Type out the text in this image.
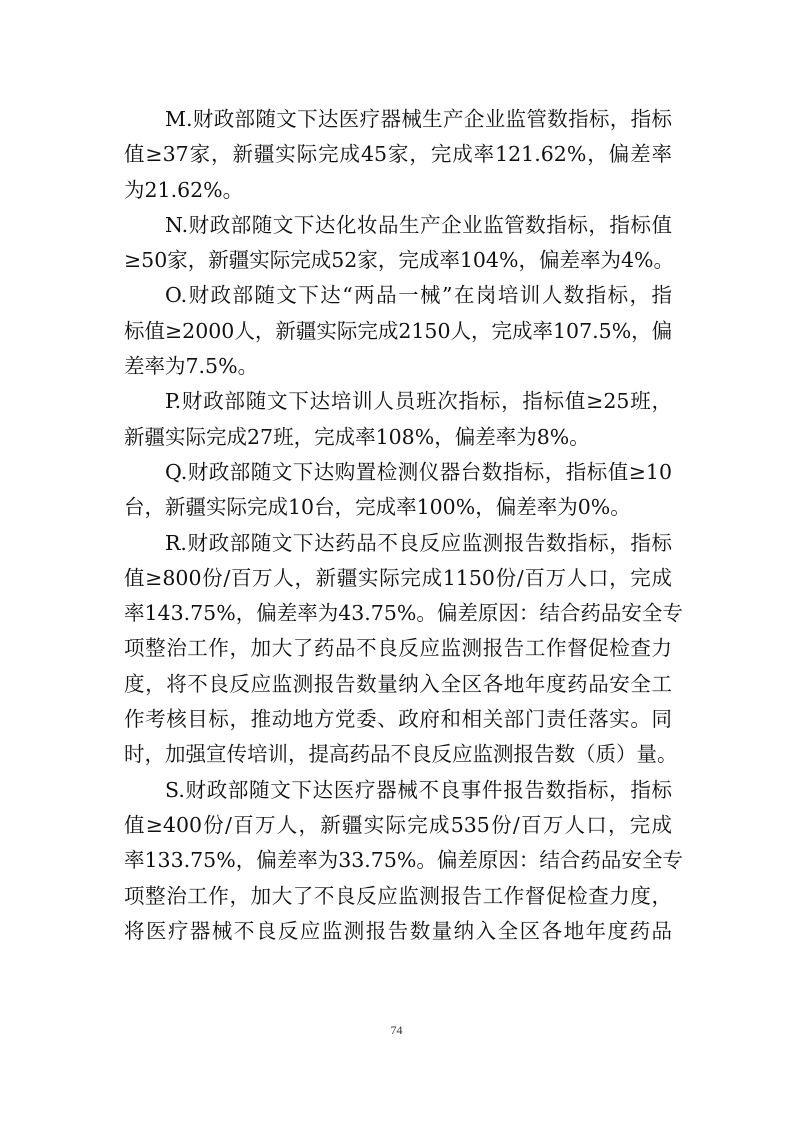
M.财政部随文下达医疗器械生产企业监管数指标，指标
值≥37家，新疆实际完成45家，完成率121.62%，偏差率
为21.62%。
N.财政部随文下达化妆品生产企业监管数指标，指标值
≥50家，新疆实际完成52家，完成率104%，偏差率为4%。
O.财政部随文下达“两品一械”在岗培训人数指标，指
标值≥2000人，新疆实际完成2150人，完成率107.5%，偏
差率为7.5%。
P.财政部随文下达培训人员班次指标，指标值≥25班，
新疆实际完成27班，完成率108%，偏差率为8%。
Q.财政部随文下达购置检测仪器台数指标，指标值≥10
台，新疆实际完成10台，完成率100%，偏差率为0%。
R.财政部随文下达药品不良反应监测报告数指标，指标
值≥800份/百万人，新疆实际完成1150份/百万人口，完成
率143.75%，偏差率为43.75%。偏差原因：结合药品安全专
项整治工作，加大了药品不良反应监测报告工作督促检查力
度，将不良反应监测报告数量纳入全区各地年度药品安全工
作考核目标，推动地方党委、政府和相关部门责任落实。同
时，加强宣传培训，提高药品不良反应监测报告数（质）量。
S.财政部随文下达医疗器械不良事件报告数指标，指标
值≥400份/百万人，新疆实际完成535份/百万人口，完成
率133.75%，偏差率为33.75%。偏差原因：结合药品安全专
项整治工作，加大了不良反应监测报告工作督促检查力度，
将医疗器械不良反应监测报告数量纳入全区各地年度药品
74
